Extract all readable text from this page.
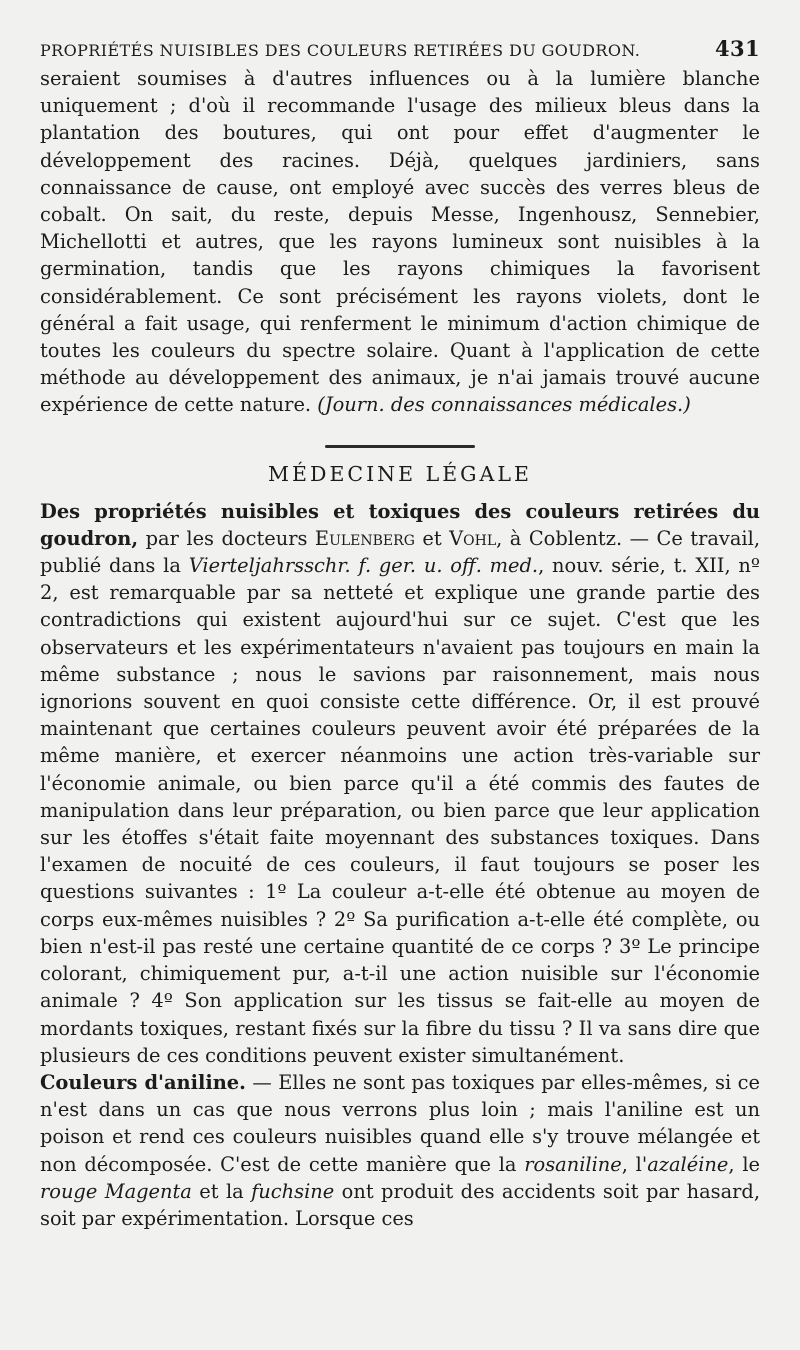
PROPRIÉTÉS NUISIBLES DES COULEURS RETIRÉES DU GOUDRON.	431

seraient soumises à d'autres influences ou à la lumière blanche uniquement ; d'où il recommande l'usage des milieux bleus dans la plantation des boutures, qui ont pour effet d'augmenter le développement des racines. Déjà, quelques jardiniers, sans connaissance de cause, ont employé avec succès des verres bleus de cobalt. On sait, du reste, depuis Messe, Ingenhousz, Sennebier, Michellotti et autres, que les rayons lumineux sont nuisibles à la germination, tandis que les rayons chimiques la favorisent considérablement. Ce sont précisément les rayons violets, dont le général a fait usage, qui renferment le minimum d'action chimique de toutes les couleurs du spectre solaire. Quant à l'application de cette méthode au développement des animaux, je n'ai jamais trouvé aucune expérience de cette nature. (Journ. des connaissances médicales.)

MÉDECINE LÉGALE

Des propriétés nuisibles et toxiques des couleurs retirées du goudron, par les docteurs Eulenberg et Vohl, à Coblentz. — Ce travail, publié dans la Vierteljahrsschr. f. ger. u. off. med., nouv. série, t. XII, nº 2, est remarquable par sa netteté et explique une grande partie des contradictions qui existent aujourd'hui sur ce sujet. C'est que les observateurs et les expérimentateurs n'avaient pas toujours en main la même substance ; nous le savions par raisonnement, mais nous ignorions souvent en quoi consiste cette différence. Or, il est prouvé maintenant que certaines couleurs peuvent avoir été préparées de la même manière, et exercer néanmoins une action très-variable sur l'économie animale, ou bien parce qu'il a été commis des fautes de manipulation dans leur préparation, ou bien parce que leur application sur les étoffes s'était faite moyennant des substances toxiques. Dans l'examen de nocuité de ces couleurs, il faut toujours se poser les questions suivantes : 1º La couleur a-t-elle été obtenue au moyen de corps eux-mêmes nuisibles ? 2º Sa purification a-t-elle été complète, ou bien n'est-il pas resté une certaine quantité de ce corps ? 3º Le principe colorant, chimiquement pur, a-t-il une action nuisible sur l'économie animale ? 4º Son application sur les tissus se fait-elle au moyen de mordants toxiques, restant fixés sur la fibre du tissu ? Il va sans dire que plusieurs de ces conditions peuvent exister simultanément.

Couleurs d'aniline. — Elles ne sont pas toxiques par elles-mêmes, si ce n'est dans un cas que nous verrons plus loin ; mais l'aniline est un poison et rend ces couleurs nuisibles quand elle s'y trouve mélangée et non décomposée. C'est de cette manière que la rosaniline, l'azaléine, le rouge Magenta et la fuchsine ont produit des accidents soit par hasard, soit par expérimentation. Lorsque ces
